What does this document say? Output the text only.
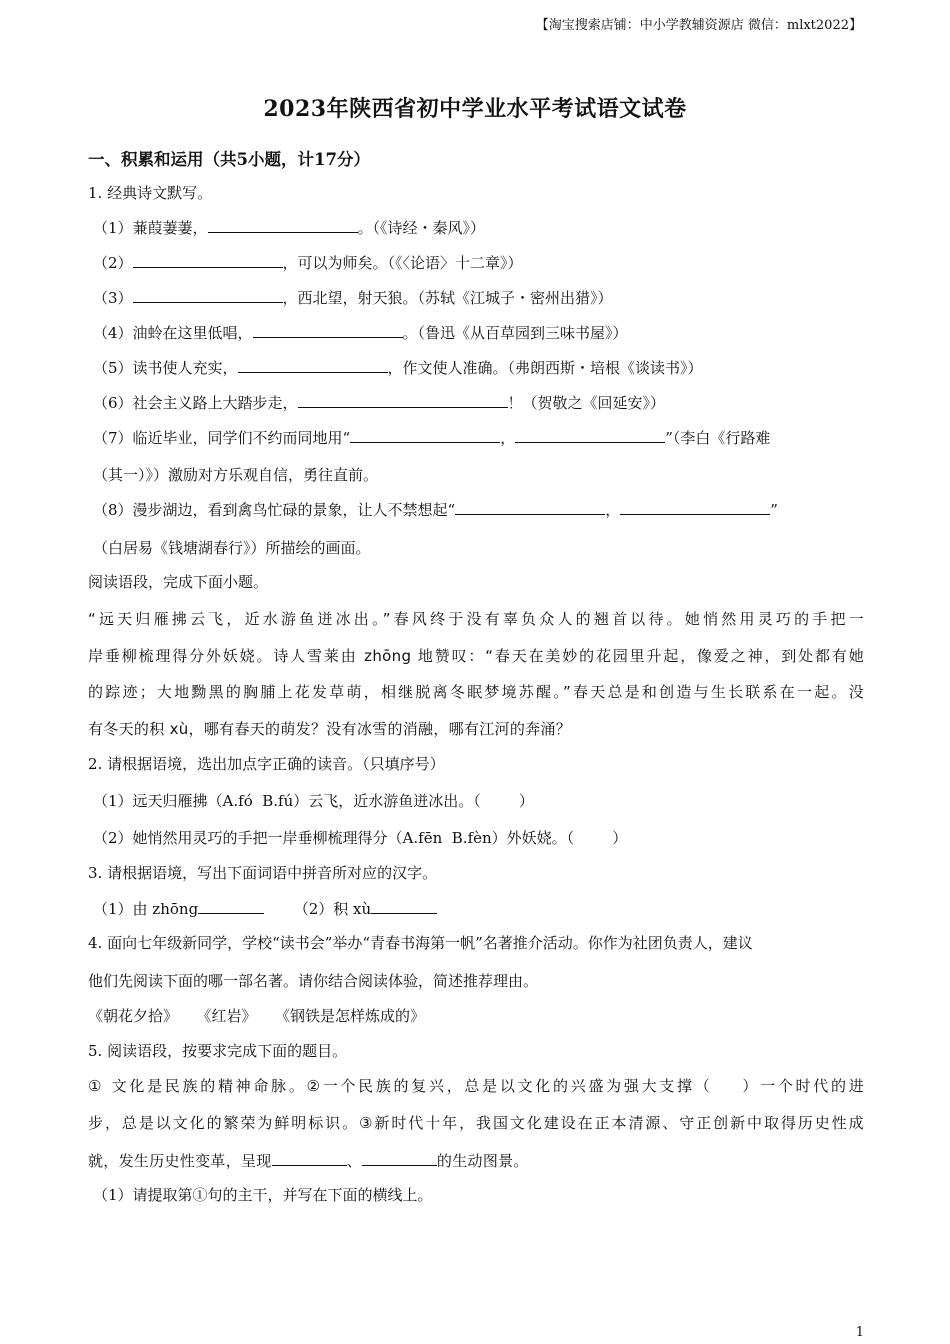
【淘宝搜索店铺：中小学教辅资源店 微信：mlxt2022】
2023年陕西省初中学业水平考试语文试卷
一、积累和运用（共5小题，计17分）
1. 经典诗文默写。
（1）蒹葭萋萋，	。（《诗经・秦风》）
（2）	，可以为师矣。（《〈论语〉十二章》）
（3）	，西北望，射天狼。（苏轼《江城子・密州出猎》）
（4）油蛉在这里低唱，	。（鲁迅《从百草园到三味书屋》）
（5）读书使人充实，	，作文使人准确。（弗朗西斯・培根《谈读书》）
（6）社会主义路上大踏步走，	！（贺敬之《回延安》）
（7）临近毕业，同学们不约而同地用“	，	”（李白《行路难
（其一）》）激励对方乐观自信，勇往直前。
（8）漫步湖边，看到禽鸟忙碌的景象，让人不禁想起“	，	”
（白居易《钱塘湖春行》）所描绘的画面。
阅读语段，完成下面小题。
“远天归雁拂云飞，近水游鱼迸冰出。”春风终于没有辜负众人的翘首以待。她悄然用灵巧的手把一
岸垂柳梳理得分外妖娆。诗人雪莱由 zhōng 地赞叹：“春天在美妙的花园里升起，像爱之神，到处都有她
的踪迹；大地黝黑的胸脯上花发草萌，相继脱离冬眠梦境苏醒。”春天总是和创造与生长联系在一起。没
有冬天的积 xù，哪有春天的萌发？没有冰雪的消融，哪有江河的奔涌？
2. 请根据语境，选出加点字正确的读音。（只填序号）
（1）远天归雁拂（A.fó  B.fú）云飞，近水游鱼迸冰出。（        ）
（2）她悄然用灵巧的手把一岸垂柳梳理得分（A.fēn  B.fèn）外妖娆。（        ）
3. 请根据语境，写出下面词语中拼音所对应的汉字。
（1）由 zhōng	（2）积 xù
4. 面向七年级新同学，学校“读书会”举办“青春书海第一帆”名著推介活动。你作为社团负责人，建议
他们先阅读下面的哪一部名著。请你结合阅读体验，简述推荐理由。
《朝花夕拾》 《红岩》 《钢铁是怎样炼成的》
5. 阅读语段，按要求完成下面的题目。
① 文化是民族的精神命脉。②一个民族的复兴，总是以文化的兴盛为强大支撑（    ）一个时代的进
步，总是以文化的繁荣为鲜明标识。③新时代十年，我国文化建设在正本清源、守正创新中取得历史性成
就，发生历史性变革，呈现	、	的生动图景。
（1）请提取第①句的主干，并写在下面的横线上。
1
